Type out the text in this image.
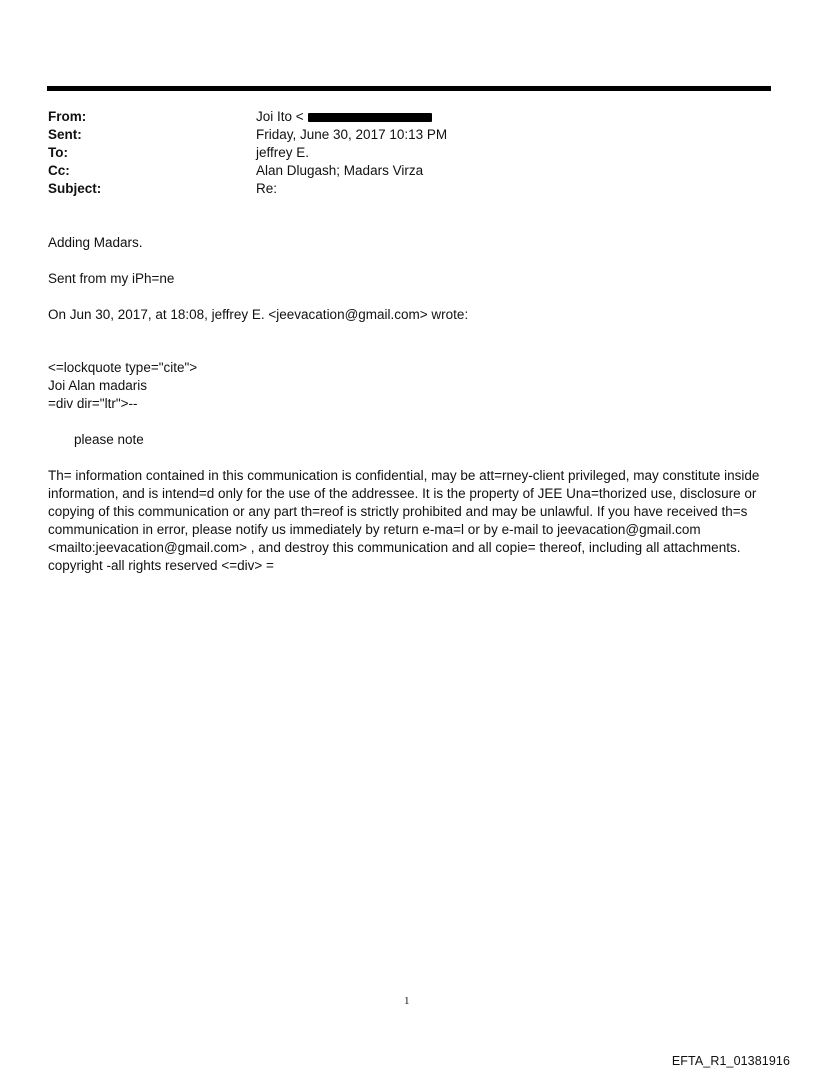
From:	Joi Ito <
Sent:	Friday, June 30, 2017 10:13 PM
To:	jeffrey E.
Cc:	Alan Dlugash; Madars Virza
Subject:	Re:
Adding Madars.
Sent from my iPh=ne
On Jun 30, 2017, at 18:08, jeffrey E. <jeevacation@gmail.com> wrote:
<=lockquote type="cite">
Joi Alan madaris
=div dir="ltr">--
please note
Th= information contained in this communication is confidential, may be att=rney-client privileged, may constitute inside information, and is intend=d only for the use of the addressee. It is the property of JEE Una=thorized use, disclosure or copying of this communication or any part th=reof is strictly prohibited and may be unlawful. If you have received th=s communication in error, please notify us immediately by return e-ma=l or by e-mail to jeevacation@gmail.com <mailto:jeevacation@gmail.com> , and destroy this communication and all copie= thereof, including all attachments. copyright -all rights reserved <=div> =
1
EFTA_R1_01381916
